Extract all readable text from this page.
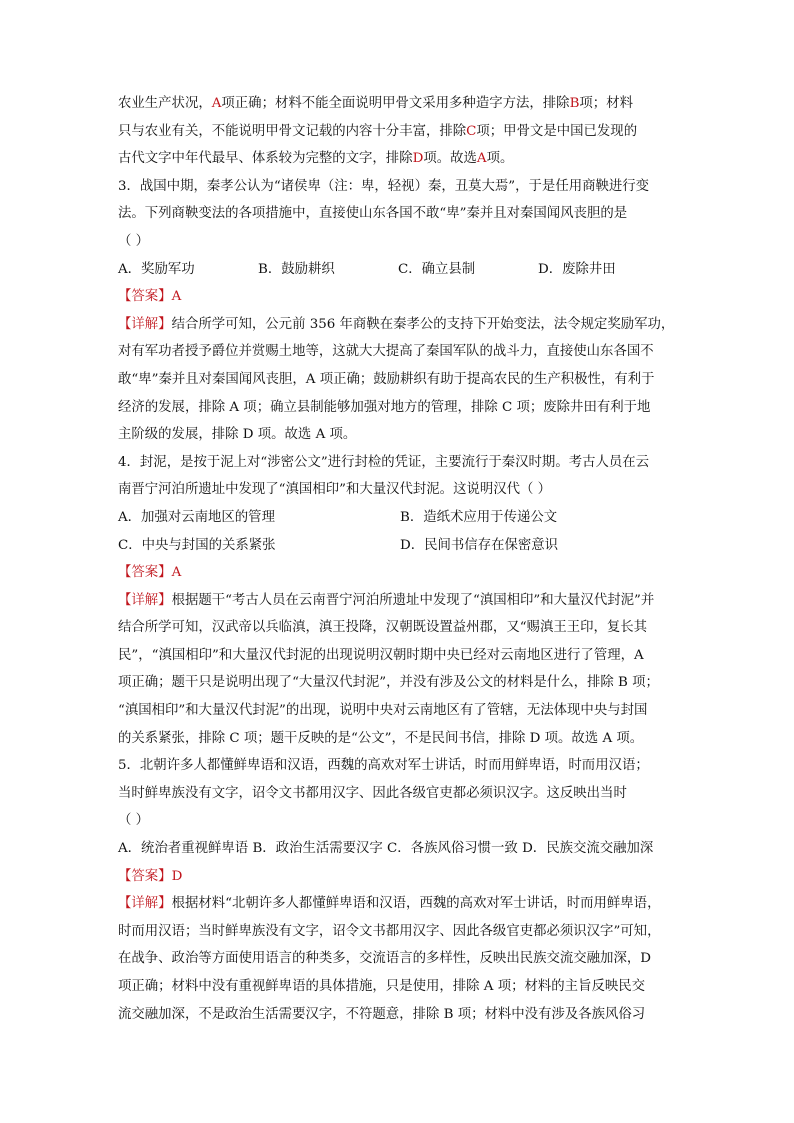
农业生产状况，A项正确；材料不能全面说明甲骨文采用多种造字方法，排除B项；材料
只与农业有关，不能说明甲骨文记载的内容十分丰富，排除C项；甲骨文是中国已发现的
古代文字中年代最早、体系较为完整的文字，排除D项。故选A项。
3．战国中期，秦孝公认为“诸侯卑（注：卑，轻视）秦，丑莫大焉”，于是任用商鞅进行变
法。下列商鞅变法的各项措施中，直接使山东各国不敢“卑”秦并且对秦国闻风丧胆的是
（ ）
A．奖励军功	B．鼓励耕织	C．确立县制	D．废除井田
【答案】A
【详解】结合所学可知，公元前 356 年商鞅在秦孝公的支持下开始变法，法令规定奖励军功，
对有军功者授予爵位并赏赐土地等，这就大大提高了秦国军队的战斗力，直接使山东各国不
敢“卑”秦并且对秦国闻风丧胆，A 项正确；鼓励耕织有助于提高农民的生产积极性，有利于
经济的发展，排除 A 项；确立县制能够加强对地方的管理，排除 C 项；废除井田有利于地
主阶级的发展，排除 D 项。故选 A 项。
4．封泥，是按于泥上对“涉密公文”进行封检的凭证，主要流行于秦汉时期。考古人员在云
南晋宁河泊所遗址中发现了“滇国相印”和大量汉代封泥。这说明汉代（ ）
A．加强对云南地区的管理	B．造纸术应用于传递公文
C．中央与封国的关系紧张	D．民间书信存在保密意识
【答案】A
【详解】根据题干“考古人员在云南晋宁河泊所遗址中发现了“滇国相印”和大量汉代封泥”并
结合所学可知，汉武帝以兵临滇，滇王投降，汉朝既设置益州郡，又“赐滇王王印，复长其
民”，“滇国相印”和大量汉代封泥的出现说明汉朝时期中央已经对云南地区进行了管理，A
项正确；题干只是说明出现了“大量汉代封泥”，并没有涉及公文的材料是什么，排除 B 项；
“滇国相印”和大量汉代封泥”的出现，说明中央对云南地区有了管辖，无法体现中央与封国
的关系紧张，排除 C 项；题干反映的是“公文”，不是民间书信，排除 D 项。故选 A 项。
5．北朝许多人都懂鲜卑语和汉语，西魏的高欢对军士讲话，时而用鲜卑语，时而用汉语；
当时鲜卑族没有文字，诏令文书都用汉字、因此各级官吏都必须识汉字。这反映出当时
（ ）
A．统治者重视鲜卑语 B．政治生活需要汉字 C．各族风俗习惯一致 D．民族交流交融加深
【答案】D
【详解】根据材料“北朝许多人都懂鲜卑语和汉语，西魏的高欢对军士讲话，时而用鲜卑语，
时而用汉语；当时鲜卑族没有文字，诏令文书都用汉字、因此各级官吏都必须识汉字”可知，
在战争、政治等方面使用语言的种类多，交流语言的多样性，反映出民族交流交融加深，D
项正确；材料中没有重视鲜卑语的具体措施，只是使用，排除 A 项；材料的主旨反映民交
流交融加深，不是政治生活需要汉字，不符题意，排除 B 项；材料中没有涉及各族风俗习
